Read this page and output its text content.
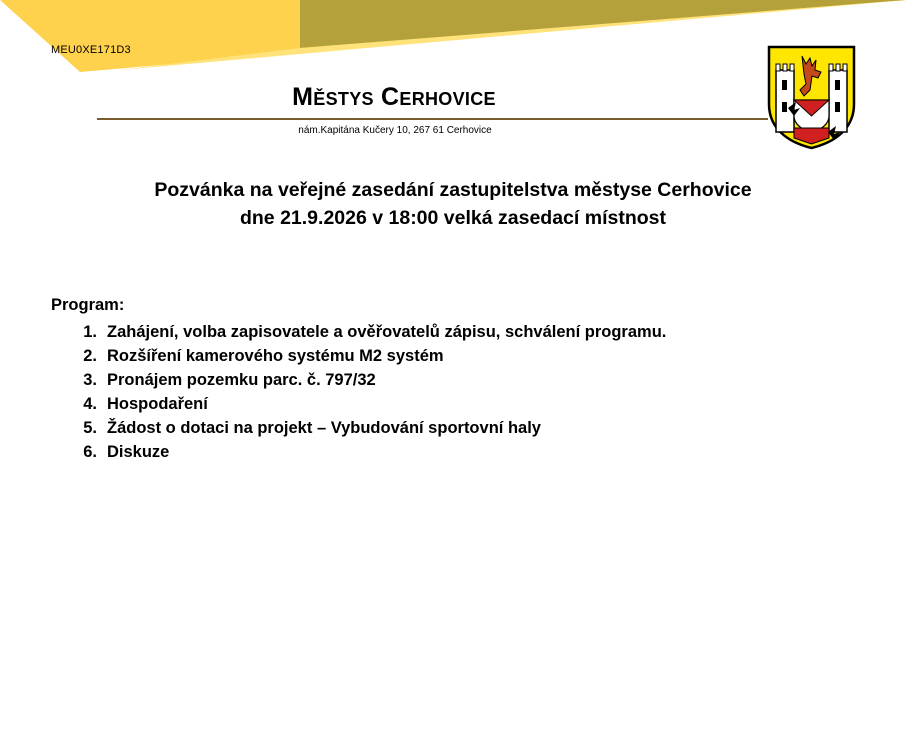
MEU0XE171D3
Městys Cerhovice
nám.Kapitána Kučery 10, 267 61 Cerhovice
Pozvánka na veřejné zasedání zastupitelstva městyse Cerhovice
dne 21.9.2026 v 18:00 velká zasedací místnost
Program:
1. Zahájení, volba zapisovatele a ověřovatelů zápisu, schválení programu.
2. Rozšíření kamerového systému M2 systém
3. Pronájem pozemku parc. č. 797/32
4. Hospodaření
5. Žádost o dotaci na projekt – Vybudování sportovní haly
6. Diskuze
